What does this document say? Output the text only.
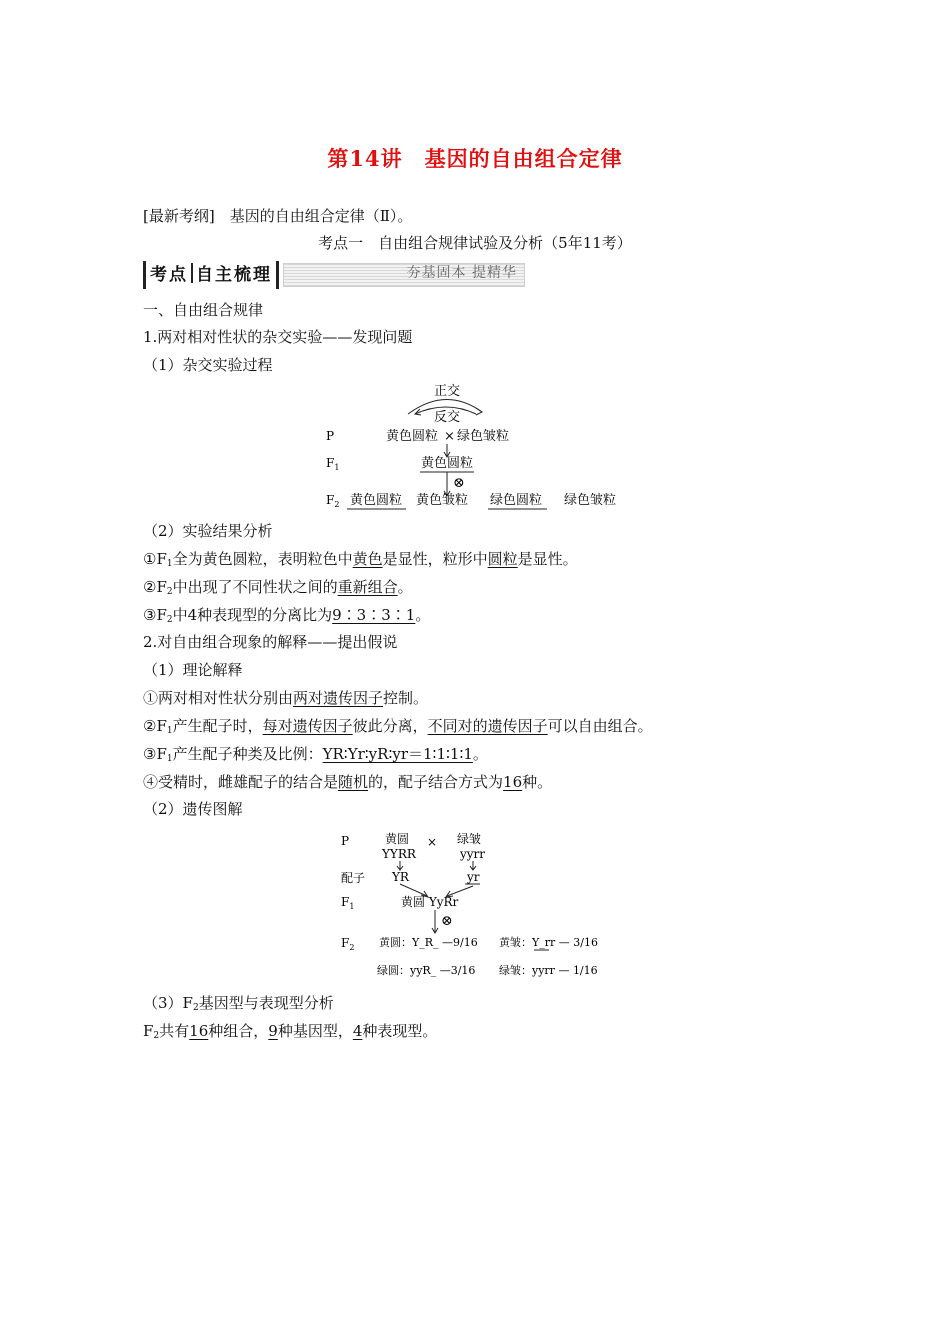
第14讲 基因的自由组合定律
[最新考纲]　基因的自由组合定律（Ⅱ）。
考点一　自由组合规律试验及分析（5年11考）
考点 自主梳理	夯基固本 提精华
一、自由组合规律
1.两对相对性状的杂交实验——发现问题
（1）杂交实验过程
正交
反交
P	黄色圆粒 × 绿色皱粒
$F_1$	黄色圆粒
⊗
$F_2$ 黄色圆粒 黄色皱粒 绿色圆粒 绿色皱粒
（2）实验结果分析
$①F_1$全为黄色圆粒，表明粒色中黄色是显性，粒形中圆粒是显性。
$②F_2$中出现了不同性状之间的重新组合。
$③F_2$中4种表现型的分离比为9∶3∶3∶1。
2.对自由组合现象的解释——提出假说
（1）理论解释
①两对相对性状分别由两对遗传因子控制。
$②F_1$产生配子时，每对遗传因子彼此分离，不同对的遗传因子可以自由组合。
$③F_1$产生配子种类及比例：YR∶Yr∶yR∶yr＝1∶1∶1∶1。
④受精时，雌雄配子的结合是随机的，配子结合方式为16种。
（2）遗传图解
P	黄圆
YYRR
× 绿皱
yyrr
配子 YR	yr
$F_1$	黄圆 YyRr
⊗
$F_2$ 黄圆：Y_R_ —9/16 黄皱：Y_rr — 3/16
绿圆：yyR_ —3/16 绿皱：yyrr — 1/16
$(3)F_2$基因型与表现型分析
$F_2$共有16种组合，9种基因型，4种表现型。
